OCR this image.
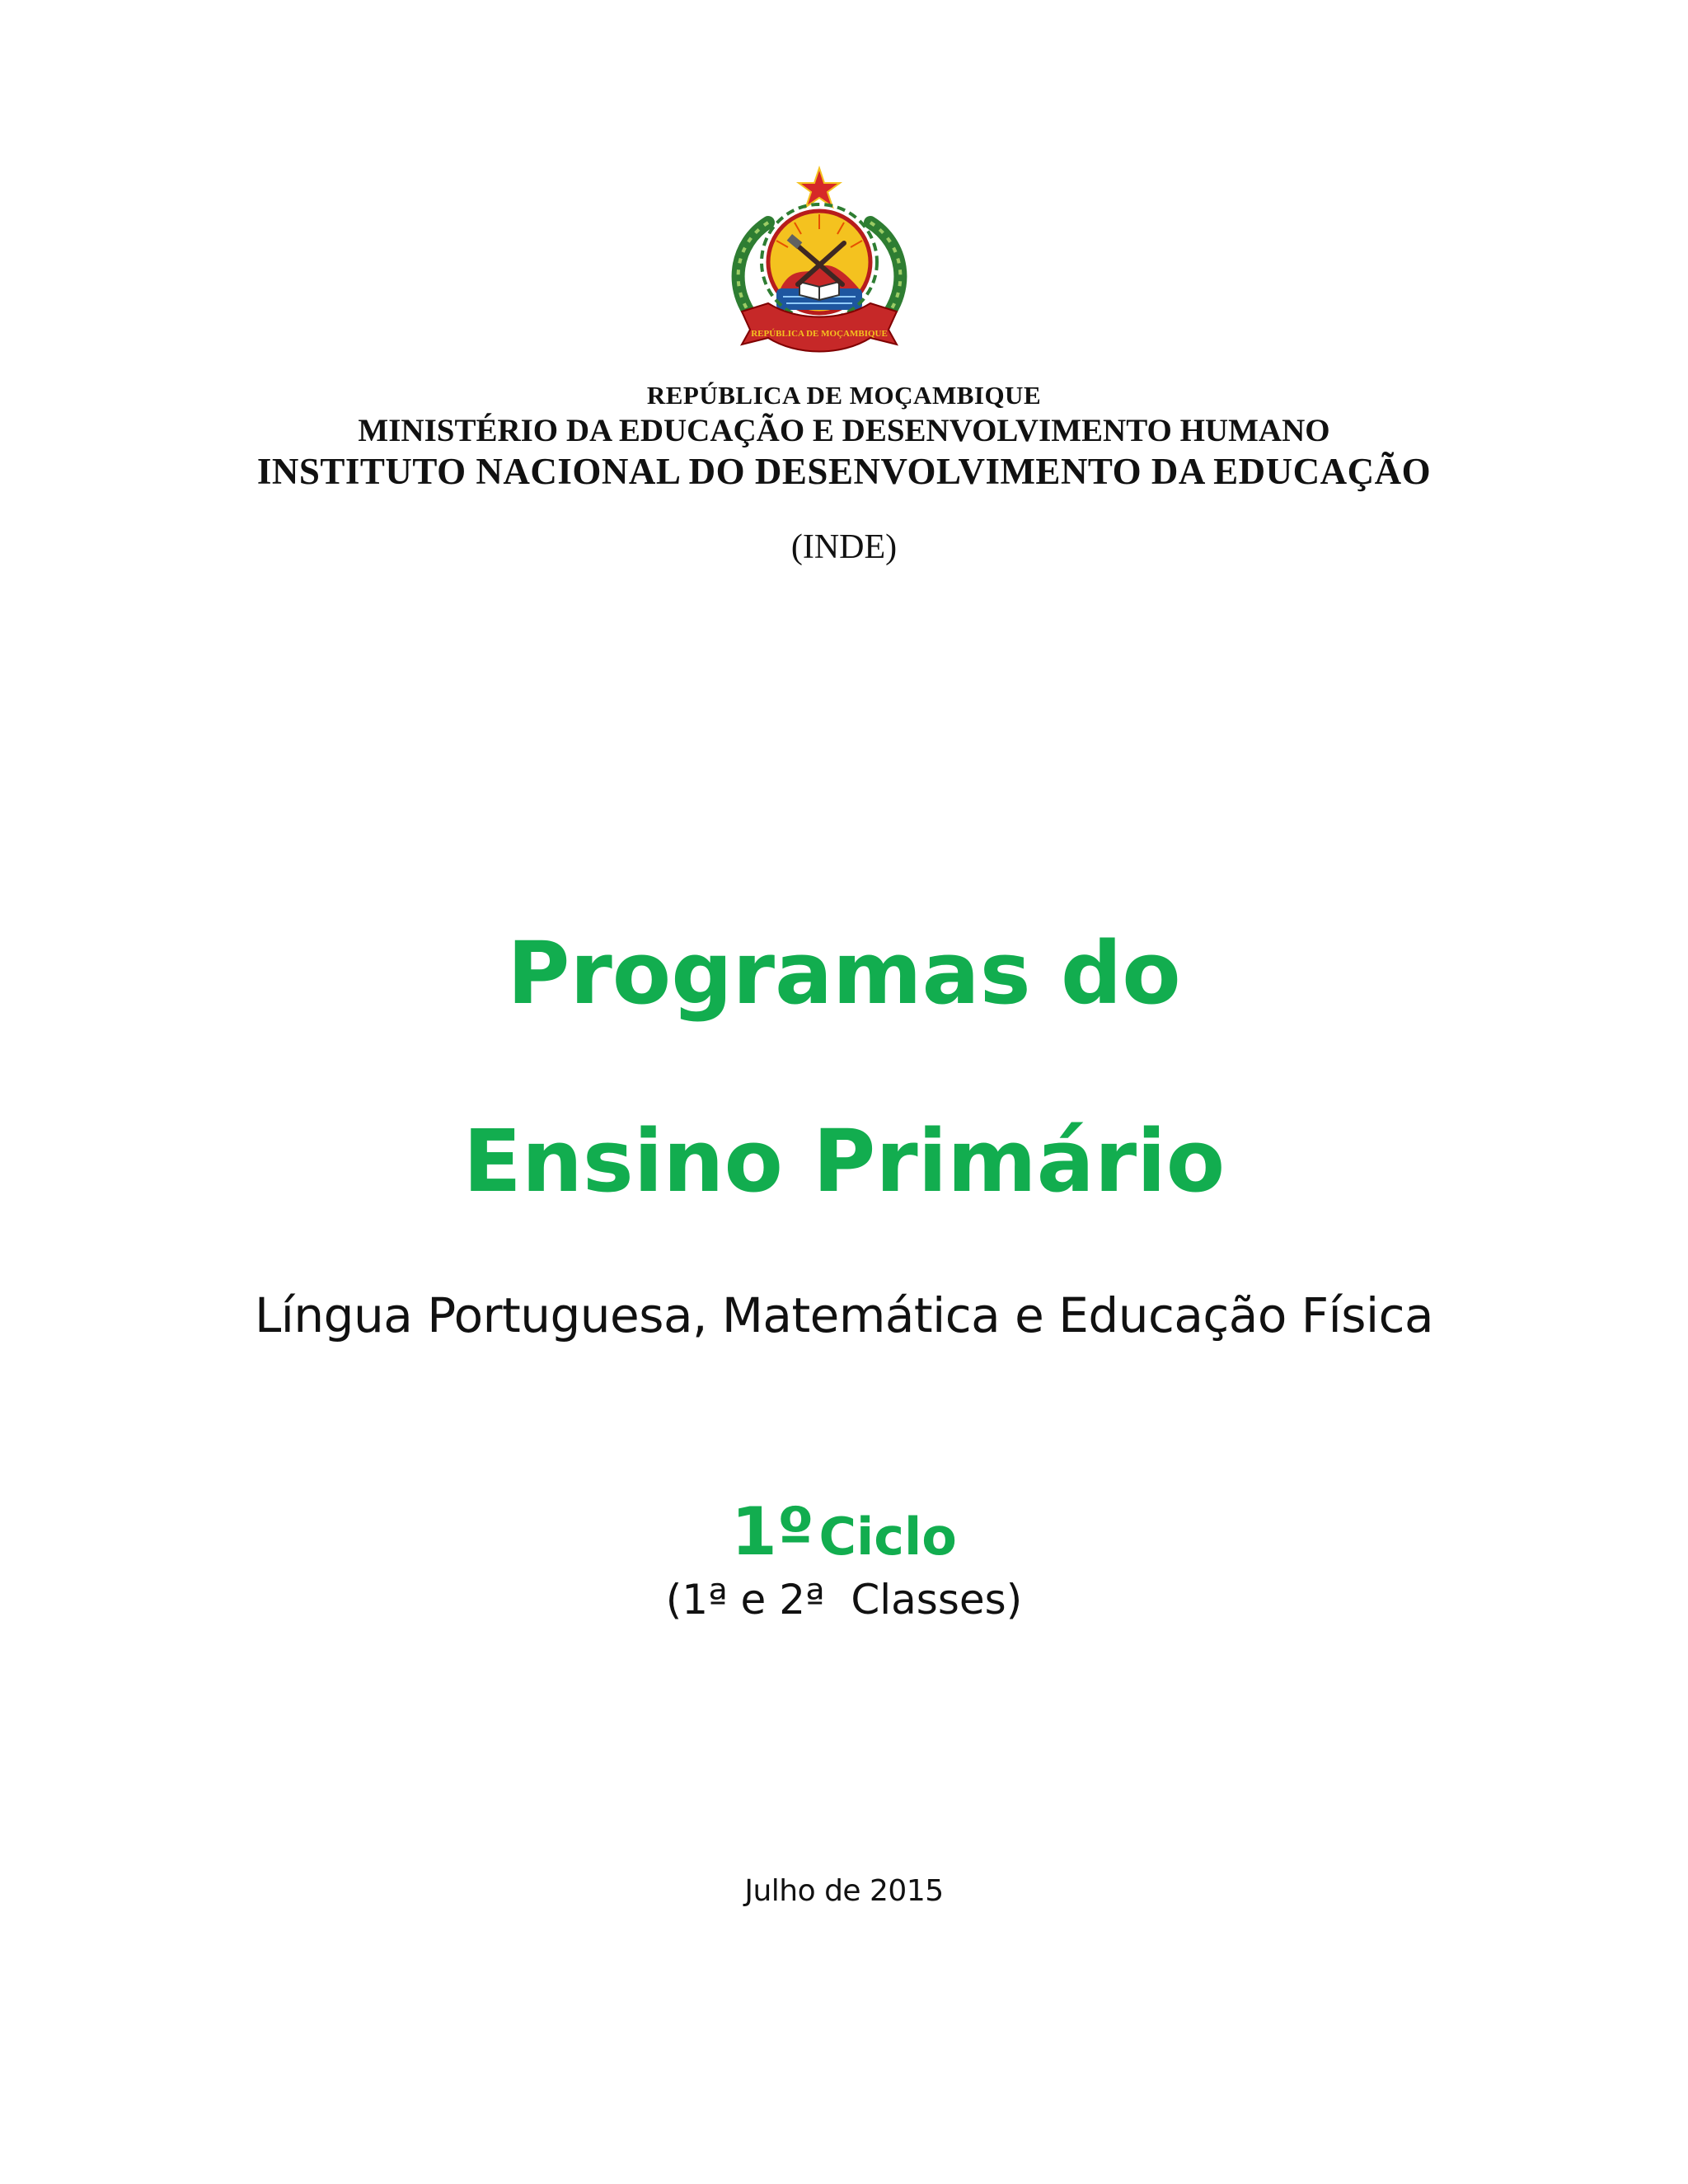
REPÚBLICA DE MOÇAMBIQUE
REPÚBLICA DE MOÇAMBIQUE
MINISTÉRIO DA EDUCAÇÃO E DESENVOLVIMENTO HUMANO
INSTITUTO NACIONAL DO DESENVOLVIMENTO DA EDUCAÇÃO
(INDE)
Programas do
Ensino Primário
Língua Portuguesa, Matemática e Educação Física
1º Ciclo
(1ª e 2ª  Classes)
Julho de 2015
